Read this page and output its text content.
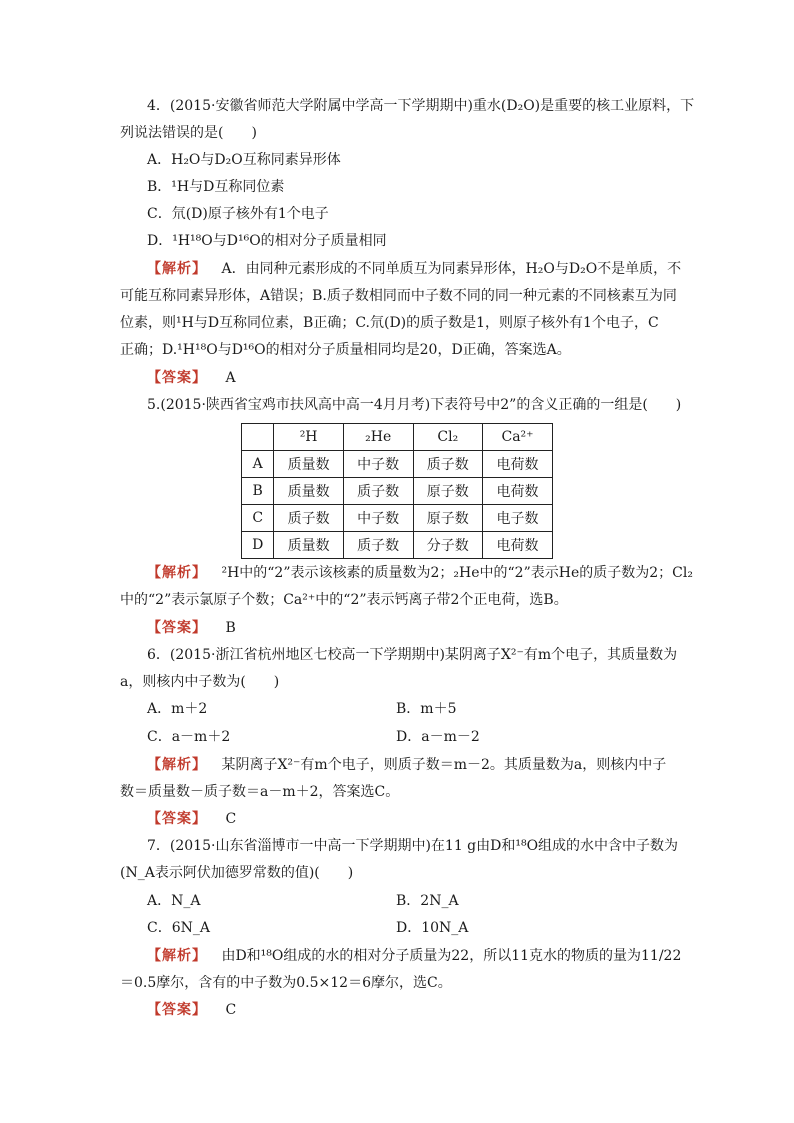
4．(2015·安徽省师范大学附属中学高一下学期期中)重水(D₂O)是重要的核工业原料，下
列说法错误的是(　　)
A．H₂O与D₂O互称同素异形体
B．¹H与D互称同位素
C．氘(D)原子核外有1个电子
D．¹H¹⁸O与D¹⁶O的相对分子质量相同
【解析】 A．由同种元素形成的不同单质互为同素异形体，H₂O与D₂O不是单质，不
可能互称同素异形体，A错误；B.质子数相同而中子数不同的同一种元素的不同核素互为同
位素，则¹H与D互称同位素，B正确；C.氘(D)的质子数是1，则原子核外有1个电子，C
正确；D.¹H¹⁸O与D¹⁶O的相对分子质量相同均是20，D正确，答案选A。
【答案】 A
5.(2015·陕西省宝鸡市扶风高中高一4月月考)下表符号中2”的含义正确的一组是(　　)
	²H	₂He	Cl₂	Ca²⁺
A	质量数	中子数	质子数	电荷数
B	质量数	质子数	原子数	电荷数
C	质子数	中子数	原子数	电子数
D	质量数	质子数	分子数	电荷数
【解析】 ²H中的“2”表示该核素的质量数为2；₂He中的“2”表示He的质子数为2；Cl₂
中的“2”表示氯原子个数；Ca²⁺中的“2”表示钙离子带2个正电荷，选B。
【答案】 B
6．(2015·浙江省杭州地区七校高一下学期期中)某阴离子X²⁻有m个电子，其质量数为
a，则核内中子数为(　　)
A．m＋2	B．m＋5
C．a－m＋2	D．a－m－2
【解析】 某阴离子X²⁻有m个电子，则质子数＝m－2。其质量数为a，则核内中子
数＝质量数－质子数＝a－m＋2，答案选C。
【答案】 C
7．(2015·山东省淄博市一中高一下学期期中)在11 g由D和¹⁸O组成的水中含中子数为
(N_A表示阿伏加德罗常数的值)(　　)
A．N_A	B．2N_A
C．6N_A	D．10N_A
【解析】 由D和¹⁸O组成的水的相对分子质量为22，所以11克水的物质的量为11/22
＝0.5摩尔，含有的中子数为0.5×12＝6摩尔，选C。
【答案】 C
